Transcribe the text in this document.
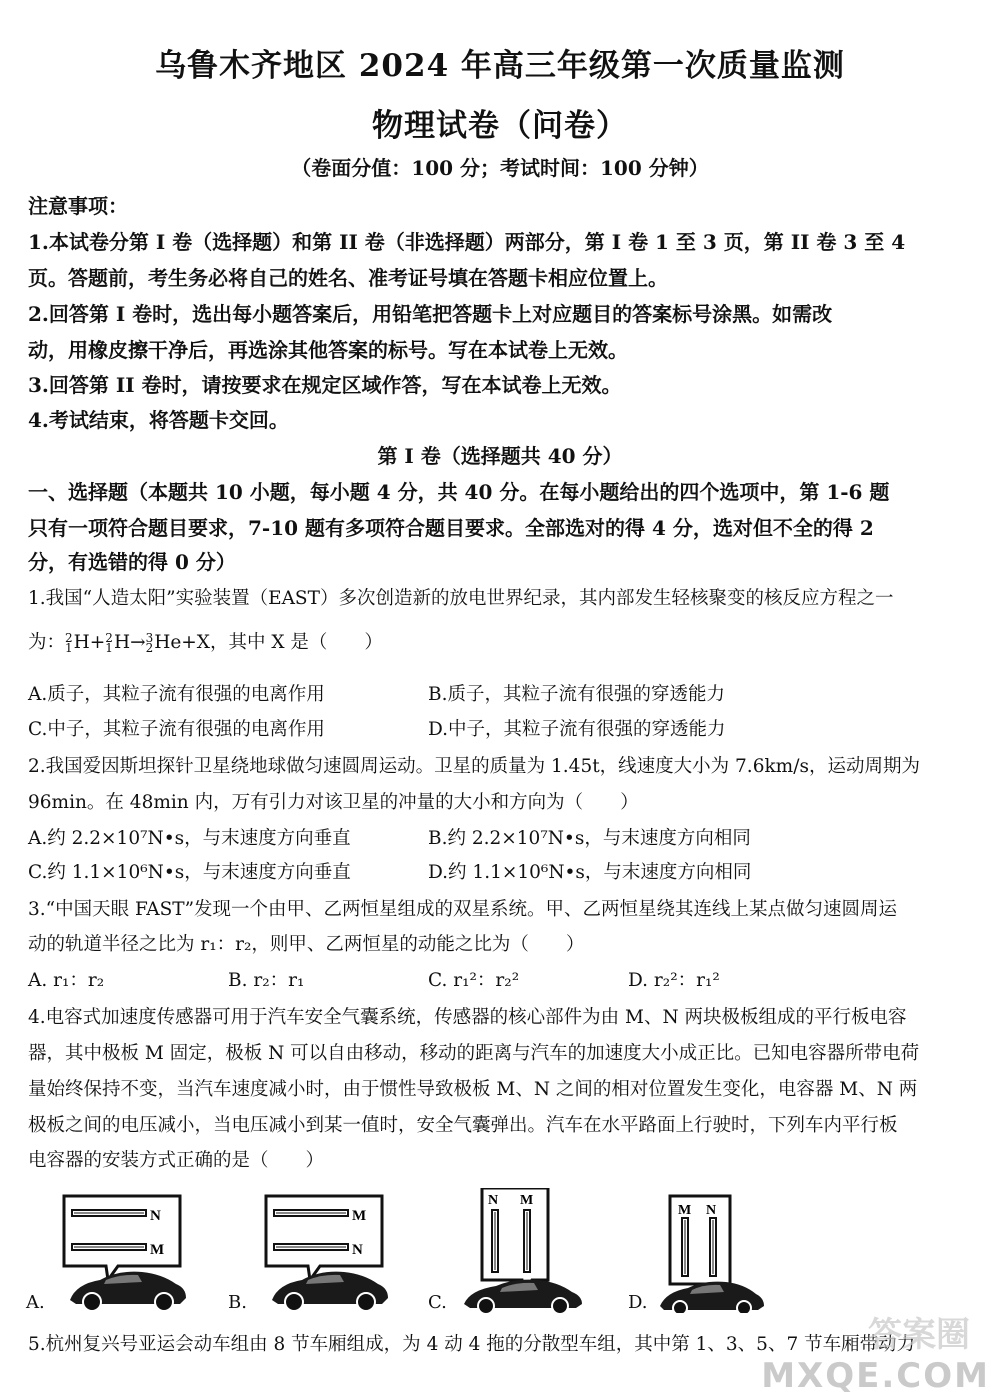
乌鲁木齐地区 2024 年高三年级第一次质量监测
物理试卷（问卷）
（卷面分值：100 分；考试时间：100 分钟）
注意事项：
1.本试卷分第 I 卷（选择题）和第 II 卷（非选择题）两部分，第 I 卷 1 至 3 页，第 II 卷 3 至 4
页。答题前，考生务必将自己的姓名、准考证号填在答题卡相应位置上。
2.回答第 I 卷时，选出每小题答案后，用铅笔把答题卡上对应题目的答案标号涂黑。如需改
动，用橡皮擦干净后，再选涂其他答案的标号。写在本试卷上无效。
3.回答第 II 卷时，请按要求在规定区域作答，写在本试卷上无效。
4.考试结束，将答题卡交回。
第 I 卷（选择题共 40 分）
一、选择题（本题共 10 小题，每小题 4 分，共 40 分。在每小题给出的四个选项中，第 1-6 题
只有一项符合题目要求，7-10 题有多项符合题目要求。全部选对的得 4 分，选对但不全的得 2
分，有选错的得 0 分）
1.我国“人造太阳”实验装置（EAST）多次创造新的放电世界纪录，其内部发生轻核聚变的核反应方程之一
为：2
1H+2
1H→3
2He+X，其中 X 是（　　）
A.质子，其粒子流有很强的电离作用	B.质子，其粒子流有很强的穿透能力
C.中子，其粒子流有很强的电离作用	D.中子，其粒子流有很强的穿透能力
2.我国爱因斯坦探针卫星绕地球做匀速圆周运动。卫星的质量为 1.45t，线速度大小为 7.6km/s，运动周期为
96min。在 48min 内，万有引力对该卫星的冲量的大小和方向为（　　）
A.约 2.2×10⁷N•s，与末速度方向垂直	B.约 2.2×10⁷N•s，与末速度方向相同
C.约 1.1×10⁶N•s，与末速度方向垂直	D.约 1.1×10⁶N•s，与末速度方向相同
3.“中国天眼 FAST”发现一个由甲、乙两恒星组成的双星系统。甲、乙两恒星绕其连线上某点做匀速圆周运
动的轨道半径之比为 r₁：r₂，则甲、乙两恒星的动能之比为（　　）
A. r₁：r₂	B. r₂：r₁	C. r₁²：r₂²	D. r₂²：r₁²
4.电容式加速度传感器可用于汽车安全气囊系统，传感器的核心部件为由 M、N 两块极板组成的平行板电容
器，其中极板 M 固定，极板 N 可以自由移动，移动的距离与汽车的加速度大小成正比。已知电容器所带电荷
量始终保持不变，当汽车速度减小时，由于惯性导致极板 M、N 之间的相对位置发生变化，电容器 M、N 两
极板之间的电压减小，当电压减小到某一值时，安全气囊弹出。汽车在水平路面上行驶时，下列车内平行板
电容器的安装方式正确的是（　　）
N
M
A.
M
N
B.
N M
C.
M N
D.
5.杭州复兴号亚运会动车组由 8 节车厢组成，为 4 动 4 拖的分散型车组，其中第 1、3、5、7 节车厢带动力
答案圈
MXQE.COM
